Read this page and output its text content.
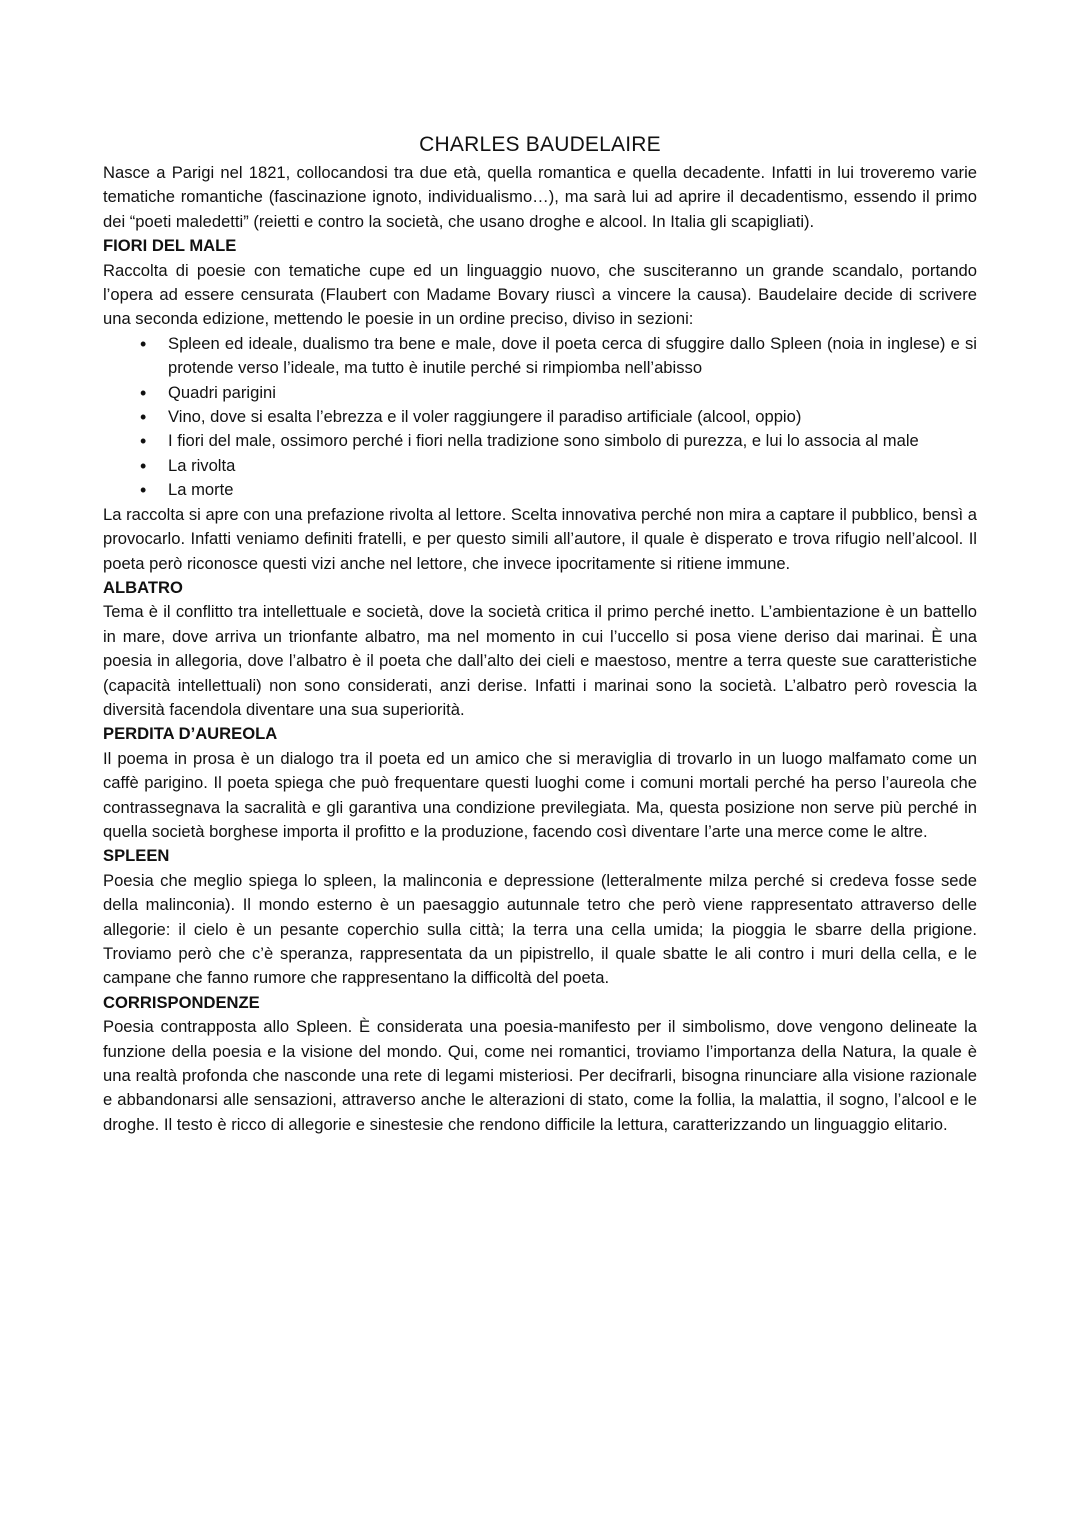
CHARLES BAUDELAIRE

Nasce a Parigi nel 1821, collocandosi tra due età, quella romantica e quella decadente. Infatti in lui troveremo varie tematiche romantiche (fascinazione ignoto, individualismo…), ma sarà lui ad aprire il decadentismo, essendo il primo dei “poeti maledetti” (reietti e contro la società, che usano droghe e alcool. In Italia gli scapigliati).

FIORI DEL MALE

Raccolta di poesie con tematiche cupe ed un linguaggio nuovo, che susciteranno un grande scandalo, portando l’opera ad essere censurata (Flaubert con Madame Bovary riuscì a vincere la causa). Baudelaire decide di scrivere una seconda edizione, mettendo le poesie in un ordine preciso, diviso in sezioni:

• Spleen ed ideale, dualismo tra bene e male, dove il poeta cerca di sfuggire dallo Spleen (noia in inglese) e si protende verso l’ideale, ma tutto è inutile perché si rimpiomba nell’abisso
• Quadri parigini
• Vino, dove si esalta l’ebrezza e il voler raggiungere il paradiso artificiale (alcool, oppio)
• I fiori del male, ossimoro perché i fiori nella tradizione sono simbolo di purezza, e lui lo associa al male
• La rivolta
• La morte

La raccolta si apre con una prefazione rivolta al lettore. Scelta innovativa perché non mira a captare il pubblico, bensì a provocarlo. Infatti veniamo definiti fratelli, e per questo simili all’autore, il quale è disperato e trova rifugio nell’alcool. Il poeta però riconosce questi vizi anche nel lettore, che invece ipocritamente si ritiene immune.

ALBATRO

Tema è il conflitto tra intellettuale e società, dove la società critica il primo perché inetto. L’ambientazione è un battello in mare, dove arriva un trionfante albatro, ma nel momento in cui l’uccello si posa viene deriso dai marinai. È una poesia in allegoria, dove l’albatro è il poeta che dall’alto dei cieli e maestoso, mentre a terra queste sue caratteristiche (capacità intellettuali) non sono considerati, anzi derise. Infatti i marinai sono la società. L’albatro però rovescia la diversità facendola diventare una sua superiorità.

PERDITA D’AUREOLA

Il poema in prosa è un dialogo tra il poeta ed un amico che si meraviglia di trovarlo in un luogo malfamato come un caffè parigino. Il poeta spiega che può frequentare questi luoghi come i comuni mortali perché ha perso l’aureola che contrassegnava la sacralità e gli garantiva una condizione previlegiata. Ma, questa posizione non serve più perché in quella società borghese importa il profitto e la produzione, facendo così diventare l’arte una merce come le altre.

SPLEEN

Poesia che meglio spiega lo spleen, la malinconia e depressione (letteralmente milza perché si credeva fosse sede della malinconia). Il mondo esterno è un paesaggio autunnale tetro che però viene rappresentato attraverso delle allegorie: il cielo è un pesante coperchio sulla città; la terra una cella umida; la pioggia le sbarre della prigione. Troviamo però che c’è speranza, rappresentata da un pipistrello, il quale sbatte le ali contro i muri della cella, e le campane che fanno rumore che rappresentano la difficoltà del poeta.

CORRISPONDENZE

Poesia contrapposta allo Spleen. È considerata una poesia-manifesto per il simbolismo, dove vengono delineate la funzione della poesia e la visione del mondo. Qui, come nei romantici, troviamo l’importanza della Natura, la quale è una realtà profonda che nasconde una rete di legami misteriosi. Per decifrarli, bisogna rinunciare alla visione razionale e abbandonarsi alle sensazioni, attraverso anche le alterazioni di stato, come la follia, la malattia, il sogno, l’alcool e le droghe. Il testo è ricco di allegorie e sinestesie che rendono difficile la lettura, caratterizzando un linguaggio elitario.
